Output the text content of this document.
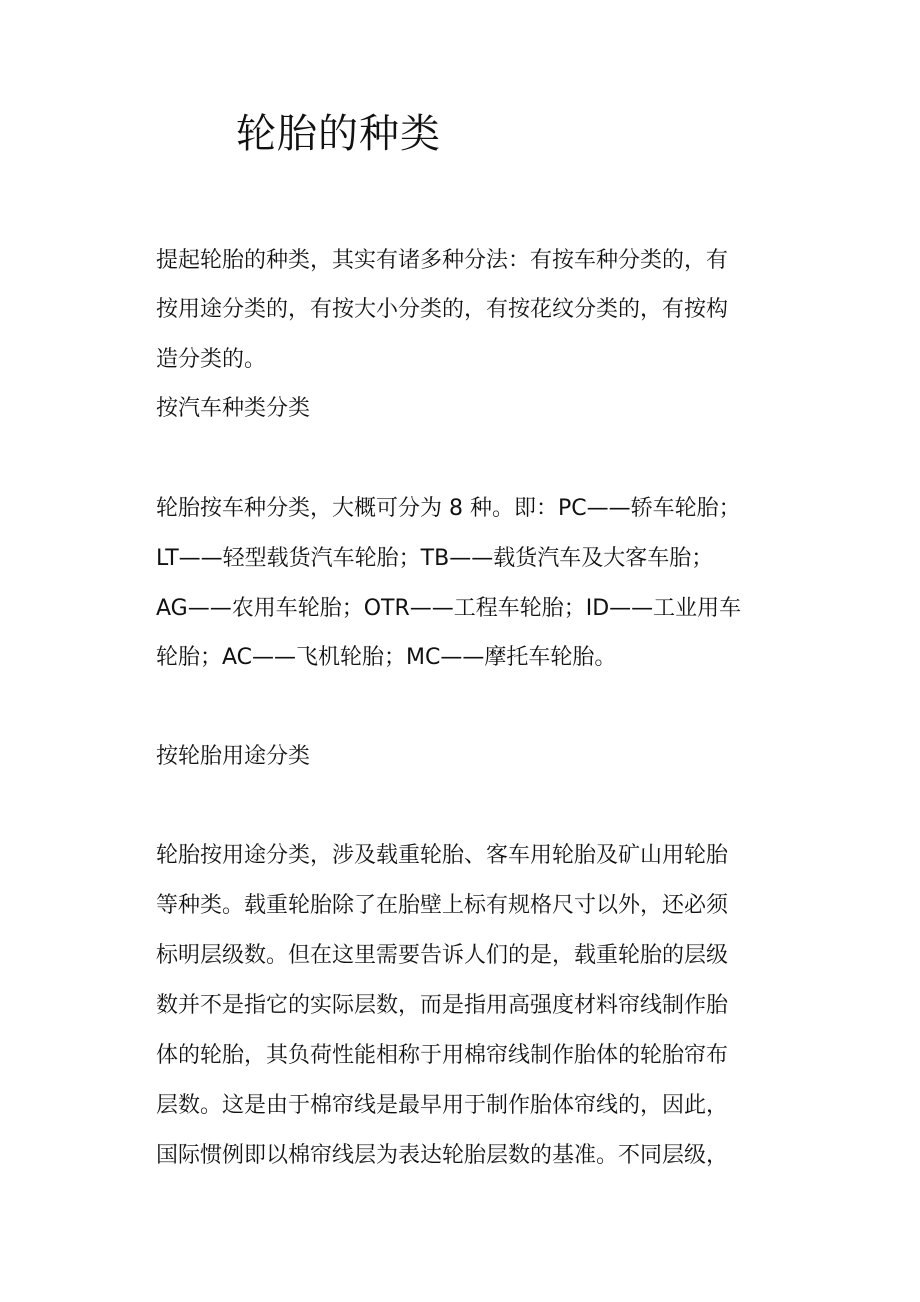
轮胎的种类

提起轮胎的种类，其实有诸多种分法：有按车种分类的，有

按用途分类的，有按大小分类的，有按花纹分类的，有按构

造分类的。

按汽车种类分类

轮胎按车种分类，大概可分为 8 种。即：PC——轿车轮胎；

LT——轻型载货汽车轮胎；TB——载货汽车及大客车胎；

AG——农用车轮胎；OTR——工程车轮胎；ID——工业用车

轮胎；AC——飞机轮胎；MC——摩托车轮胎。

按轮胎用途分类

轮胎按用途分类，涉及载重轮胎、客车用轮胎及矿山用轮胎

等种类。载重轮胎除了在胎壁上标有规格尺寸以外，还必须

标明层级数。但在这里需要告诉人们的是，载重轮胎的层级

数并不是指它的实际层数，而是指用高强度材料帘线制作胎

体的轮胎，其负荷性能相称于用棉帘线制作胎体的轮胎帘布

层数。这是由于棉帘线是最早用于制作胎体帘线的，因此，

国际惯例即以棉帘线层为表达轮胎层数的基准。不同层级，
